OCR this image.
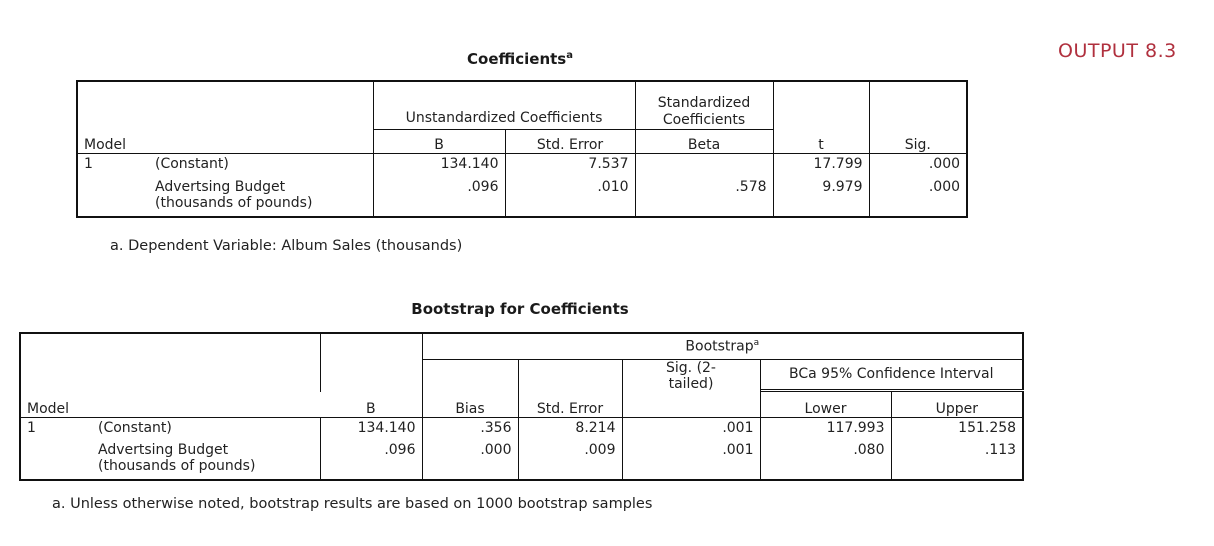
OUTPUT 8.3
Coefficients$^a$
		Unstandardized Coefficients		Standardized
Coefficients		

Model		B	Std. Error	Beta	t	Sig.
1	(Constant)	134.140	7.537		17.799	.000
	Advertsing Budget
(thousands of pounds)	.096	.010	.578	9.979	.000
a. Dependent Variable: Album Sales (thousands)
Bootstrap for Coefficients
			Bootstrap$^a$
					Sig. (2-
tailed)	BCa 95% Confidence Interval	

Model		B	Bias	Std. Error		Lower	Upper
1	(Constant)	134.140	.356	8.214	.001	117.993	151.258
	Advertsing Budget
(thousands of pounds)	.096	.000	.009	.001	.080	.113
a. Unless otherwise noted, bootstrap results are based on 1000 bootstrap samples
